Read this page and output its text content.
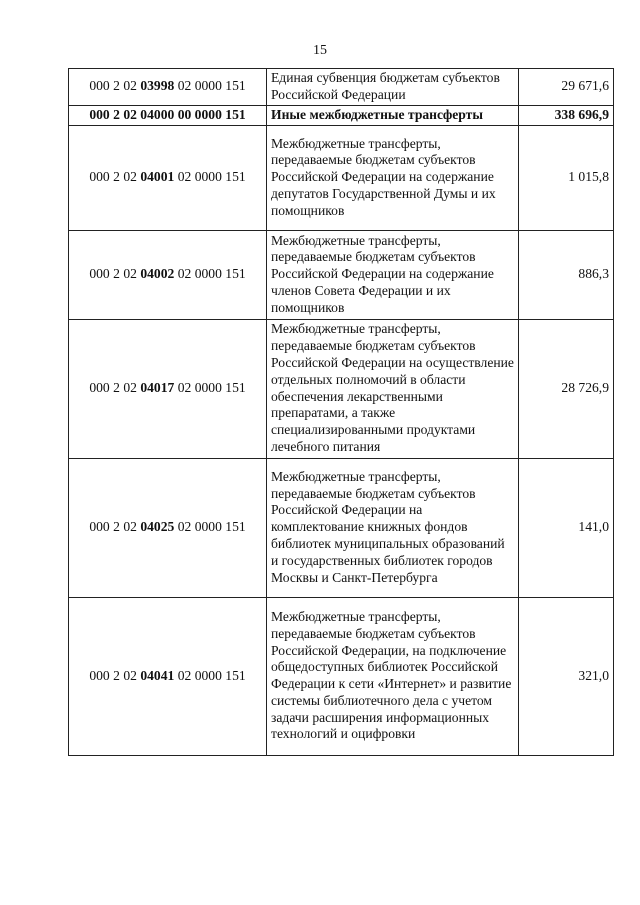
15
000 2 02 03998 02 0000 151	Единая субвенция бюджетам субъектов Российской Федерации	29 671,6
000 2 02 04000 00 0000 151	Иные межбюджетные трансферты	338 696,9
000 2 02 04001 02 0000 151	Межбюджетные трансферты, передаваемые бюджетам субъектов Российской Федерации на содержание депутатов Государственной Думы и их помощников	1 015,8
000 2 02 04002 02 0000 151	Межбюджетные трансферты, передаваемые бюджетам субъектов Российской Федерации на содержание членов Совета Федерации и их помощников	886,3
000 2 02 04017 02 0000 151	Межбюджетные трансферты, передаваемые бюджетам субъектов Российской Федерации на осуществление отдельных полномочий в области обеспечения лекарственными препаратами, а также специализированными продуктами лечебного питания	28 726,9
000 2 02 04025 02 0000 151	Межбюджетные трансферты, передаваемые бюджетам субъектов Российской Федерации на комплектование книжных фондов библиотек муниципальных образований и государственных библиотек городов Москвы и Санкт-Петербурга	141,0
000 2 02 04041 02 0000 151	Межбюджетные трансферты, передаваемые бюджетам субъектов Российской Федерации, на подключение общедоступных библиотек Российской Федерации к сети «Интернет» и развитие системы библиотечного дела с учетом задачи расширения информационных технологий и оцифровки	321,0
